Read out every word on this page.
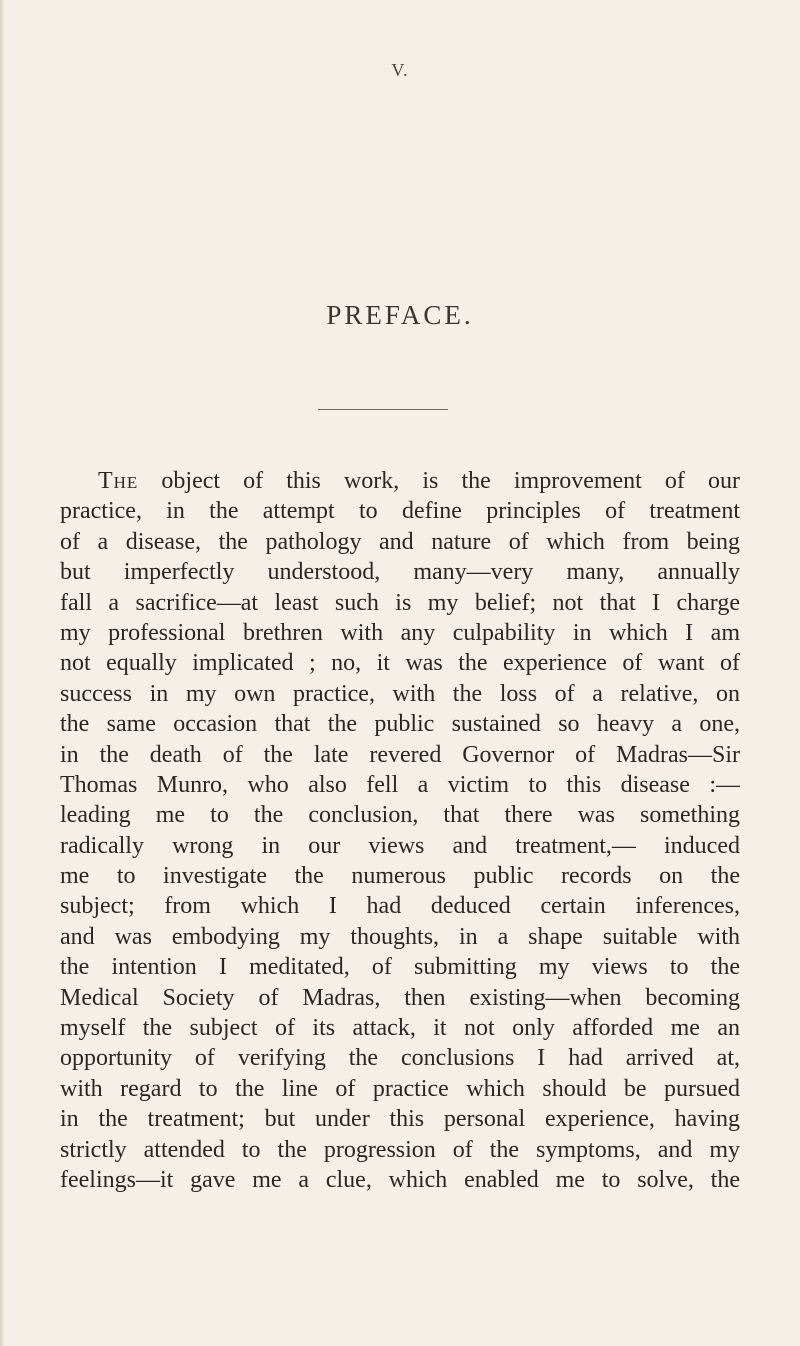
V.
PREFACE.
The object of this work, is the improvement of our
practice, in the attempt to define principles of treatment
of a disease, the pathology and nature of which from being
but imperfectly understood, many—very many, annually
fall a sacrifice—at least such is my belief; not that I charge
my professional brethren with any culpability in which I am
not equally implicated ; no, it was the experience of want of
success in my own practice, with the loss of a relative, on
the same occasion that the public sustained so heavy a one,
in the death of the late revered Governor of Madras—Sir
Thomas Munro, who also fell a victim to this disease :—
leading me to the conclusion, that there was something
radically wrong in our views and treatment,— induced
me to investigate the numerous public records on the
subject; from which I had deduced certain inferences,
and was embodying my thoughts, in a shape suitable with
the intention I meditated, of submitting my views to the
Medical Society of Madras, then existing—when becoming
myself the subject of its attack, it not only afforded me an
opportunity of verifying the conclusions I had arrived at,
with regard to the line of practice which should be pursued
in the treatment; but under this personal experience, having
strictly attended to the progression of the symptoms, and my
feelings—it gave me a clue, which enabled me to solve, the
